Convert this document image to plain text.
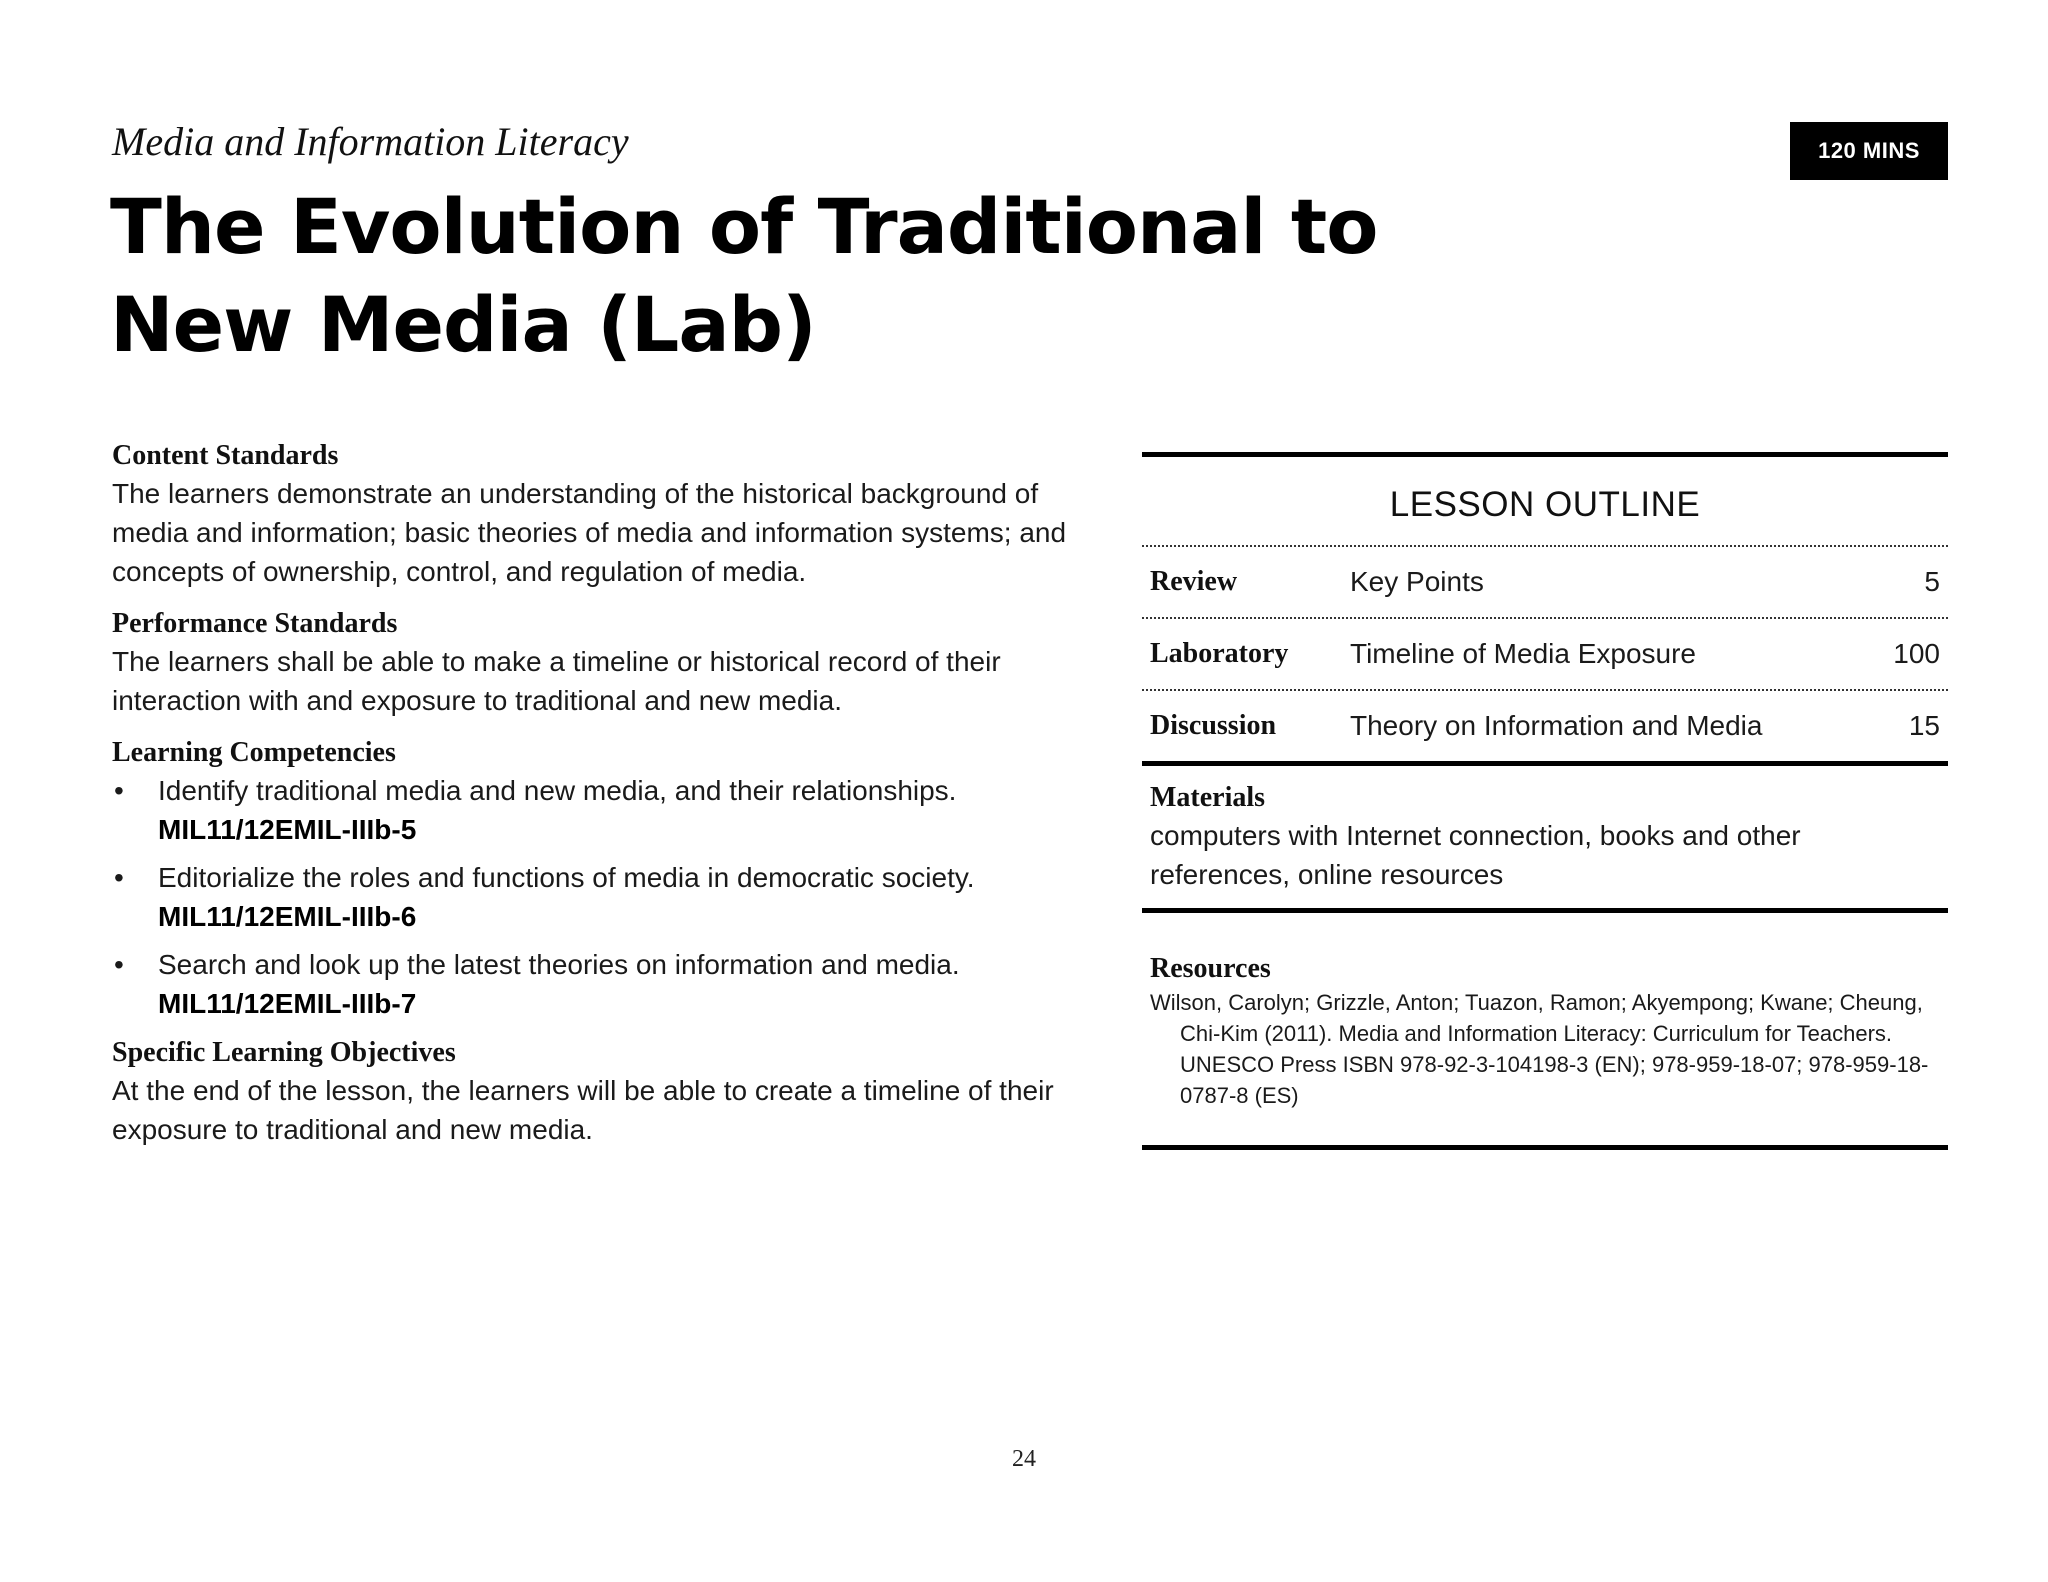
Media and Information Literacy	120 MINS
The Evolution of Traditional to New Media (Lab)
Content Standards

The learners demonstrate an understanding of the historical background of media and information; basic theories of media and information systems; and concepts of ownership, control, and regulation of media.

Performance Standards

The learners shall be able to make a timeline or historical record of their interaction with and exposure to traditional and new media.

Learning Competencies
• Identify traditional media and new media, and their relationships.
MIL11/12EMIL-IIIb-5
• Editorialize the roles and functions of media in democratic society.
MIL11/12EMIL-IIIb-6
• Search and look up the latest theories on information and media.
MIL11/12EMIL-IIIb-7
Specific Learning Objectives

At the end of the lesson, the learners will be able to create a timeline of their exposure to traditional and new media.

LESSON OUTLINE
Review	Key Points	5
Laboratory	Timeline of Media Exposure	100
Discussion	Theory on Information and Media	15
Materials

computers with Internet connection, books and other references, online resources

Resources

Wilson, Carolyn; Grizzle, Anton; Tuazon, Ramon; Akyempong; Kwane; Cheung, Chi-Kim (2011). Media and Information Literacy: Curriculum for Teachers. UNESCO Press ISBN 978-92-3-104198-3 (EN); 978-959-18-07; 978-959-18-0787-8 (ES)

24
